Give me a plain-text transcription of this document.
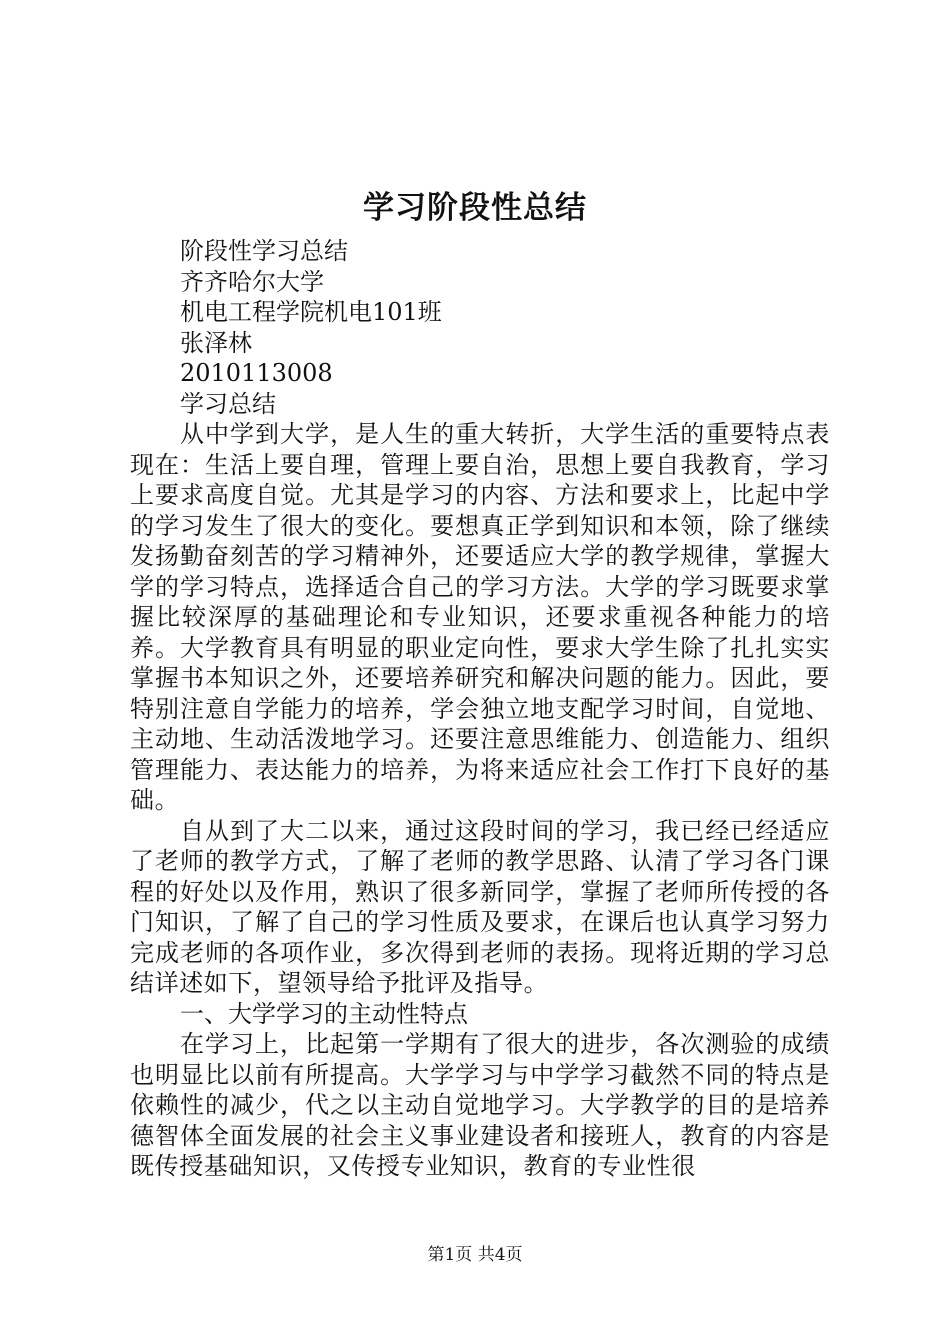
学习阶段性总结
阶段性学习总结
齐齐哈尔大学
机电工程学院机电101班
张泽林
2010113008
学习总结

从中学到大学，是人生的重大转折，大学生活的重要特点表现在：生活上要自理，管理上要自治，思想上要自我教育，学习上要求高度自觉。尤其是学习的内容、方法和要求上，比起中学的学习发生了很大的变化。要想真正学到知识和本领，除了继续发扬勤奋刻苦的学习精神外，还要适应大学的教学规律，掌握大学的学习特点，选择适合自己的学习方法。大学的学习既要求掌握比较深厚的基础理论和专业知识，还要求重视各种能力的培养。大学教育具有明显的职业定向性，要求大学生除了扎扎实实掌握书本知识之外，还要培养研究和解决问题的能力。因此，要特别注意自学能力的培养，学会独立地支配学习时间，自觉地、主动地、生动活泼地学习。还要注意思维能力、创造能力、组织管理能力、表达能力的培养，为将来适应社会工作打下良好的基础。

自从到了大二以来，通过这段时间的学习，我已经已经适应了老师的教学方式，了解了老师的教学思路、认清了学习各门课程的好处以及作用，熟识了很多新同学，掌握了老师所传授的各门知识，了解了自己的学习性质及要求，在课后也认真学习努力完成老师的各项作业，多次得到老师的表扬。现将近期的学习总结详述如下，望领导给予批评及指导。

一、大学学习的主动性特点

在学习上，比起第一学期有了很大的进步，各次测验的成绩也明显比以前有所提高。大学学习与中学学习截然不同的特点是依赖性的减少，代之以主动自觉地学习。大学教学的目的是培养德智体全面发展的社会主义事业建设者和接班人，教育的内容是既传授基础知识，又传授专业知识，教育的专业性很

第1页 共4页
